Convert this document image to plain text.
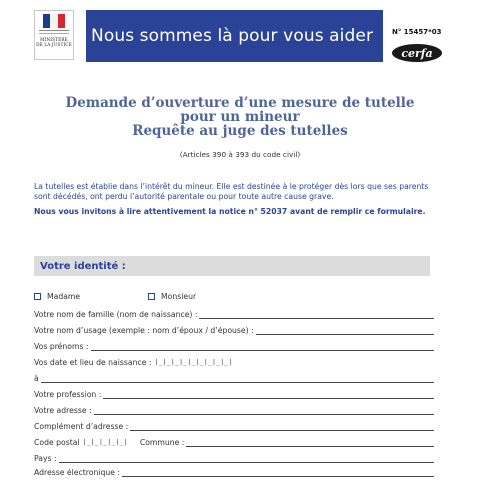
MINISTÈRE DE LA JUSTICE Nous sommes là pour vous aider	N° 15457*03
cerfa
Demande d’ouverture d’une mesure de tutelle
pour un mineur
Requête au juge des tutelles
(Articles 390 à 393 du code civil)
La tutelles est établie dans l’intérêt du mineur. Elle est destinée à le protéger dès lors que ses parents sont décédés, ont perdu l’autorité parentale ou pour toute autre cause grave.
Nous vous invitons à lire attentivement la notice n° 52037 avant de remplir ce formulaire.
Votre identité :
Madame	Monsieur
Votre nom de famille (nom de naissance) :
Votre nom d’usage (exemple : nom d’époux / d’épouse) :
Vos prénoms :
Vos date et lieu de naissance : |_|_|_|_|_|_|_|_|_|
à
Votre profession :
Votre adresse :
Complément d’adresse :
Code postal |_|_|_|_|_| Commune :
Pays :
Adresse électronique :
